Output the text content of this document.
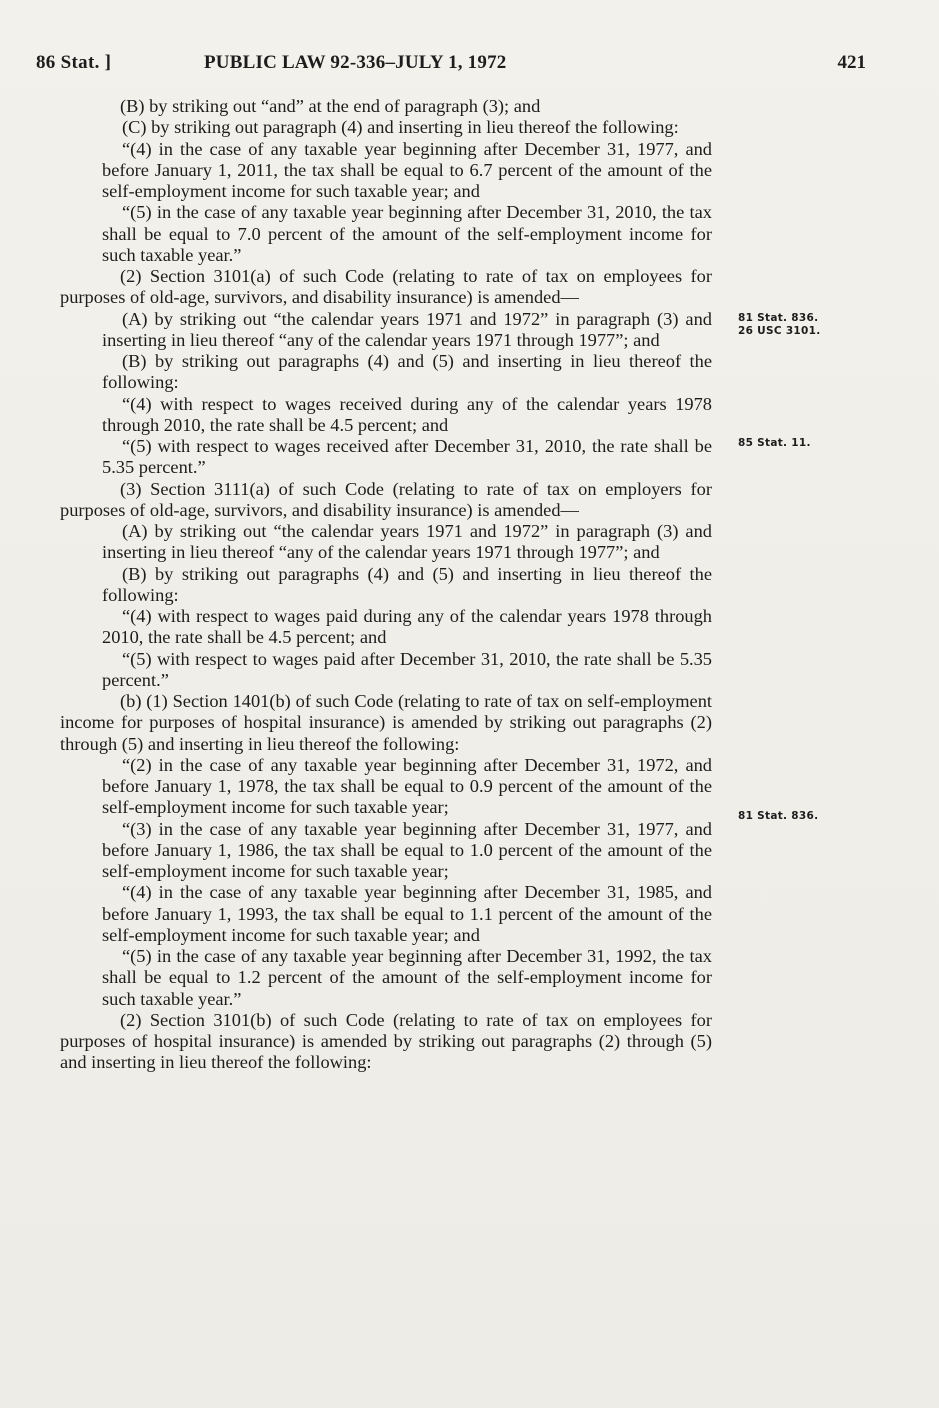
86 Stat. ]	PUBLIC LAW 92-336–JULY 1, 1972	421

(B) by striking out “and” at the end of paragraph (3); and

(C) by striking out paragraph (4) and inserting in lieu thereof the following:

“(4) in the case of any taxable year beginning after December 31, 1977, and before January 1, 2011, the tax shall be equal to 6.7 percent of the amount of the self-employment income for such taxable year; and

“(5) in the case of any taxable year beginning after December 31, 2010, the tax shall be equal to 7.0 percent of the amount of the self-employment income for such taxable year.”

(2) Section 3101(a) of such Code (relating to rate of tax on employees for purposes of old-age, survivors, and disability insurance) is amended—

(A) by striking out “the calendar years 1971 and 1972” in paragraph (3) and inserting in lieu thereof “any of the calendar years 1971 through 1977”; and

(B) by striking out paragraphs (4) and (5) and inserting in lieu thereof the following:

“(4) with respect to wages received during any of the calendar years 1978 through 2010, the rate shall be 4.5 percent; and

“(5) with respect to wages received after December 31, 2010, the rate shall be 5.35 percent.”

(3) Section 3111(a) of such Code (relating to rate of tax on employers for purposes of old-age, survivors, and disability insurance) is amended—

(A) by striking out “the calendar years 1971 and 1972” in paragraph (3) and inserting in lieu thereof “any of the calendar years 1971 through 1977”; and

(B) by striking out paragraphs (4) and (5) and inserting in lieu thereof the following:

“(4) with respect to wages paid during any of the calendar years 1978 through 2010, the rate shall be 4.5 percent; and

“(5) with respect to wages paid after December 31, 2010, the rate shall be 5.35 percent.”

(b) (1) Section 1401(b) of such Code (relating to rate of tax on self-employment income for purposes of hospital insurance) is amended by striking out paragraphs (2) through (5) and inserting in lieu thereof the following:

“(2) in the case of any taxable year beginning after December 31, 1972, and before January 1, 1978, the tax shall be equal to 0.9 percent of the amount of the self-employment income for such taxable year;

“(3) in the case of any taxable year beginning after December 31, 1977, and before January 1, 1986, the tax shall be equal to 1.0 percent of the amount of the self-employment income for such taxable year;

“(4) in the case of any taxable year beginning after December 31, 1985, and before January 1, 1993, the tax shall be equal to 1.1 percent of the amount of the self-employment income for such taxable year; and

“(5) in the case of any taxable year beginning after December 31, 1992, the tax shall be equal to 1.2 percent of the amount of the self-employment income for such taxable year.”

(2) Section 3101(b) of such Code (relating to rate of tax on employees for purposes of hospital insurance) is amended by striking out paragraphs (2) through (5) and inserting in lieu thereof the following:

81 Stat. 836.
26 USC 3101.
85 Stat. 11.
81 Stat. 836.
